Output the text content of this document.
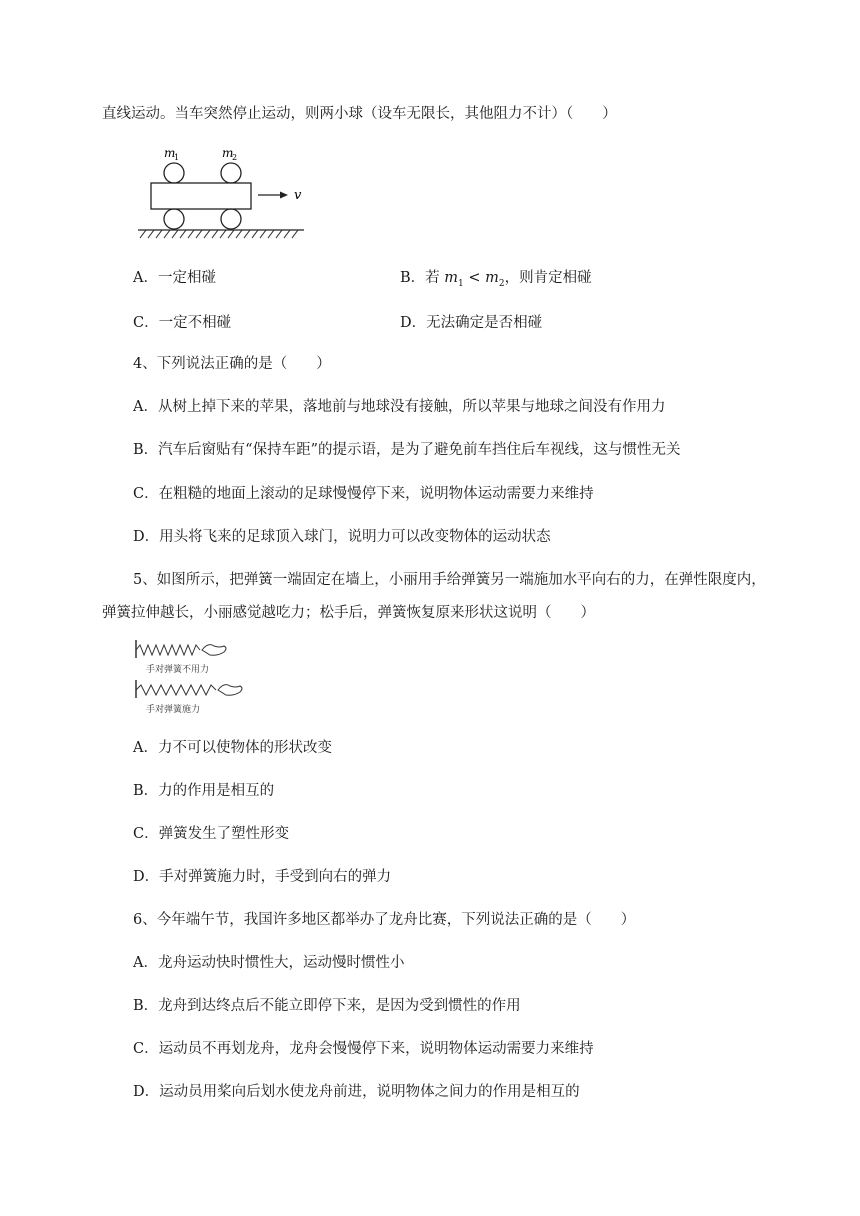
直线运动。当车突然停止运动，则两小球（设车无限长，其他阻力不计）（　　）
m
1	m
2
v
A．一定相碰	B．若 $m_1 < m_2$，则肯定相碰
C．一定不相碰	D．无法确定是否相碰
4、下列说法正确的是（　　）
A．从树上掉下来的苹果，落地前与地球没有接触，所以苹果与地球之间没有作用力
B．汽车后窗贴有“保持车距”的提示语，是为了避免前车挡住后车视线，这与惯性无关
C．在粗糙的地面上滚动的足球慢慢停下来，说明物体运动需要力来维持
D．用头将飞来的足球顶入球门，说明力可以改变物体的运动状态
5、如图所示，把弹簧一端固定在墙上，小丽用手给弹簧另一端施加水平向右的力，在弹性限度内，
弹簧拉伸越长，小丽感觉越吃力；松手后，弹簧恢复原来形状这说明（　　）
手对弹簧不用力
手对弹簧施力
A．力不可以使物体的形状改变
B．力的作用是相互的
C．弹簧发生了塑性形变
D．手对弹簧施力时，手受到向右的弹力
6、今年端午节，我国许多地区都举办了龙舟比赛，下列说法正确的是（　　）
A．龙舟运动快时惯性大，运动慢时惯性小
B．龙舟到达终点后不能立即停下来，是因为受到惯性的作用
C．运动员不再划龙舟，龙舟会慢慢停下来，说明物体运动需要力来维持
D．运动员用桨向后划水使龙舟前进，说明物体之间力的作用是相互的
